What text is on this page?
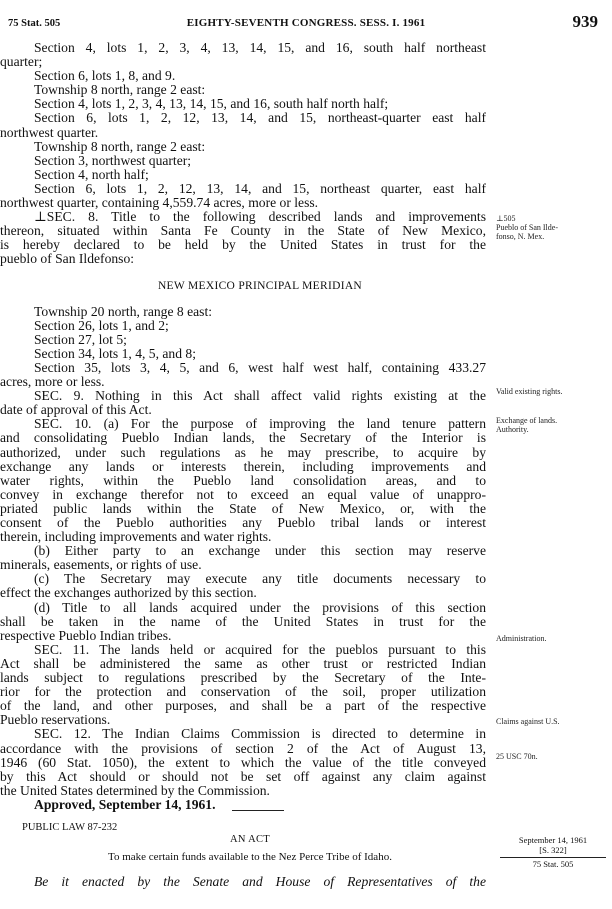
75 Stat. 505	EIGHTY-SEVENTH CONGRESS. SESS. I. 1961	939
Section 4, lots 1, 2, 3, 4, 13, 14, 15, and 16, south half northeast
quarter;
Section 6, lots 1, 8, and 9.
Township 8 north, range 2 east:
Section 4, lots 1, 2, 3, 4, 13, 14, 15, and 16, south half north half;
Section 6, lots 1, 2, 12, 13, 14, and 15, northeast-quarter east half
northwest quarter.
Township 8 north, range 2 east:
Section 3, northwest quarter;
Section 4, north half;
Section 6, lots 1, 2, 12, 13, 14, and 15, northeast quarter, east half
northwest quarter, containing 4,559.74 acres, more or less.
⊥SEC. 8. Title to the following described lands and improvements
thereon, situated within Santa Fe County in the State of New Mexico,
is hereby declared to be held by the United States in trust for the
pueblo of San Ildefonso:
NEW MEXICO PRINCIPAL MERIDIAN
Township 20 north, range 8 east:
Section 26, lots 1, and 2;
Section 27, lot 5;
Section 34, lots 1, 4, 5, and 8;
Section 35, lots 3, 4, 5, and 6, west half west half, containing 433.27
acres, more or less.
SEC. 9. Nothing in this Act shall affect valid rights existing at the
date of approval of this Act.
SEC. 10. (a) For the purpose of improving the land tenure pattern
and consolidating Pueblo Indian lands, the Secretary of the Interior is
authorized, under such regulations as he may prescribe, to acquire by
exchange any lands or interests therein, including improvements and
water rights, within the Pueblo land consolidation areas, and to
convey in exchange therefor not to exceed an equal value of unappro-
priated public lands within the State of New Mexico, or, with the
consent of the Pueblo authorities any Pueblo tribal lands or interest
therein, including improvements and water rights.
(b) Either party to an exchange under this section may reserve
minerals, easements, or rights of use.
(c) The Secretary may execute any title documents necessary to
effect the exchanges authorized by this section.
(d) Title to all lands acquired under the provisions of this section
shall be taken in the name of the United States in trust for the
respective Pueblo Indian tribes.
SEC. 11. The lands held or acquired for the pueblos pursuant to this
Act shall be administered the same as other trust or restricted Indian
lands subject to regulations prescribed by the Secretary of the Inte-
rior for the protection and conservation of the soil, proper utilization
of the land, and other purposes, and shall be a part of the respective
Pueblo reservations.
SEC. 12. The Indian Claims Commission is directed to determine in
accordance with the provisions of section 2 of the Act of August 13,
1946 (60 Stat. 1050), the extent to which the value of the title conveyed
by this Act should or should not be set off against any claim against
the United States determined by the Commission.
Approved, September 14, 1961.
⊥505
Pueblo of San Ilde-
fonso, N. Mex.
Valid existing rights.
Exchange of lands.
Authority.
Administration.
Claims against U.S.
25 USC 70n.
PUBLIC LAW 87-232
AN ACT
To make certain funds available to the Nez Perce Tribe of Idaho.
Be it enacted by the Senate and House of Representatives of the
September 14, 1961
[S. 322]
75 Stat. 505
